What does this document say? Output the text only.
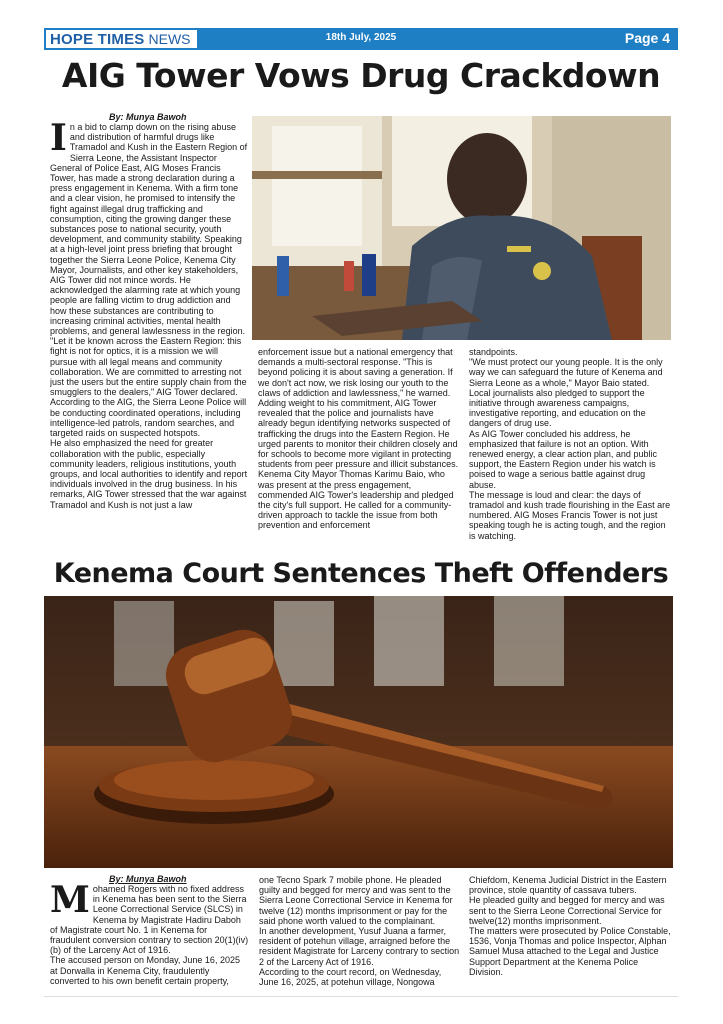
HOPE TIMES NEWS	18th July, 2025	Page 4
AIG Tower Vows Drug Crackdown
By: Munya Bawoh
I n a bid to clamp down on the rising abuse and distribution of harmful drugs like Tramadol and Kush in the Eastern Region of Sierra Leone, the Assistant Inspector General of Police East, AIG Moses Francis Tower, has made a strong declaration during a press engagement in Kenema. With a firm tone and a clear vision, he promised to intensify the fight against illegal drug trafficking and consumption, citing the growing danger these substances pose to national security, youth development, and community stability. Speaking at a high-level joint press briefing that brought together the Sierra Leone Police, Kenema City Mayor, Journalists, and other key stakeholders, AIG Tower did not mince words. He acknowledged the alarming rate at which young people are falling victim to drug addiction and how these substances are contributing to increasing criminal activities, mental health problems, and general lawlessness in the region.

"Let it be known across the Eastern Region: this fight is not for optics, it is a mission we will pursue with all legal means and community collaboration. We are committed to arresting not just the users but the entire supply chain from the smugglers to the dealers," AIG Tower declared.

According to the AIG, the Sierra Leone Police will be conducting coordinated operations, including intelligence-led patrols, random searches, and targeted raids on suspected hotspots.

He also emphasized the need for greater collaboration with the public, especially community leaders, religious institutions, youth groups, and local authorities to identify and report individuals involved in the drug business. In his remarks, AIG Tower stressed that the war against Tramadol and Kush is not just a law

enforcement issue but a national emergency that demands a multi-sectoral response. "This is beyond policing it is about saving a generation. If we don't act now, we risk losing our youth to the claws of addiction and lawlessness," he warned.

Adding weight to his commitment, AIG Tower revealed that the police and journalists have already begun identifying networks suspected of trafficking the drugs into the Eastern Region. He urged parents to monitor their children closely and for schools to become more vigilant in protecting students from peer pressure and illicit substances.

Kenema City Mayor Thomas Karimu Baio, who was present at the press engagement, commended AIG Tower's leadership and pledged the city's full support. He called for a community-driven approach to tackle the issue from both prevention and enforcement

standpoints.

"We must protect our young people. It is the only way we can safeguard the future of Kenema and Sierra Leone as a whole," Mayor Baio stated.

Local journalists also pledged to support the initiative through awareness campaigns, investigative reporting, and education on the dangers of drug use.

As AIG Tower concluded his address, he emphasized that failure is not an option. With renewed energy, a clear action plan, and public support, the Eastern Region under his watch is poised to wage a serious battle against drug abuse.

The message is loud and clear: the days of tramadol and kush trade flourishing in the East are numbered. AIG Moses Francis Tower is not just speaking tough he is acting tough, and the region is watching.

Kenema Court Sentences Theft Offenders
By: Munya Bawoh
M ohamed Rogers with no fixed address in Kenema has been sent to the Sierra Leone Correctional Service (SLCS) in Kenema by Magistrate Hadiru Daboh of Magistrate court No. 1 in Kenema for fraudulent conversion contrary to section 20(1)(iv)(b) of the Larceny Act of 1916.

The accused person on Monday, June 16, 2025 at Dorwalla in Kenema City, fraudulently converted to his own benefit certain property,

one Tecno Spark 7 mobile phone. He pleaded guilty and begged for mercy and was sent to the Sierra Leone Correctional Service in Kenema for twelve (12) months imprisonment or pay for the said phone worth valued to the complainant.

In another development, Yusuf Juana a farmer, resident of potehun village, arraigned before the resident Magistrate for Larceny contrary to section 2 of the Larceny Act of 1916.

According to the court record, on Wednesday, June 16, 2025, at potehun village, Nongowa

Chiefdom, Kenema Judicial District in the Eastern province, stole quantity of cassava tubers.

He pleaded guilty and begged for mercy and was sent to the Sierra Leone Correctional Service for twelve(12) months imprisonment.

The matters were prosecuted by Police Constable, 1536, Vonja Thomas and police Inspector, Alphan Samuel Musa attached to the Legal and Justice Support Department at the Kenema Police Division.
